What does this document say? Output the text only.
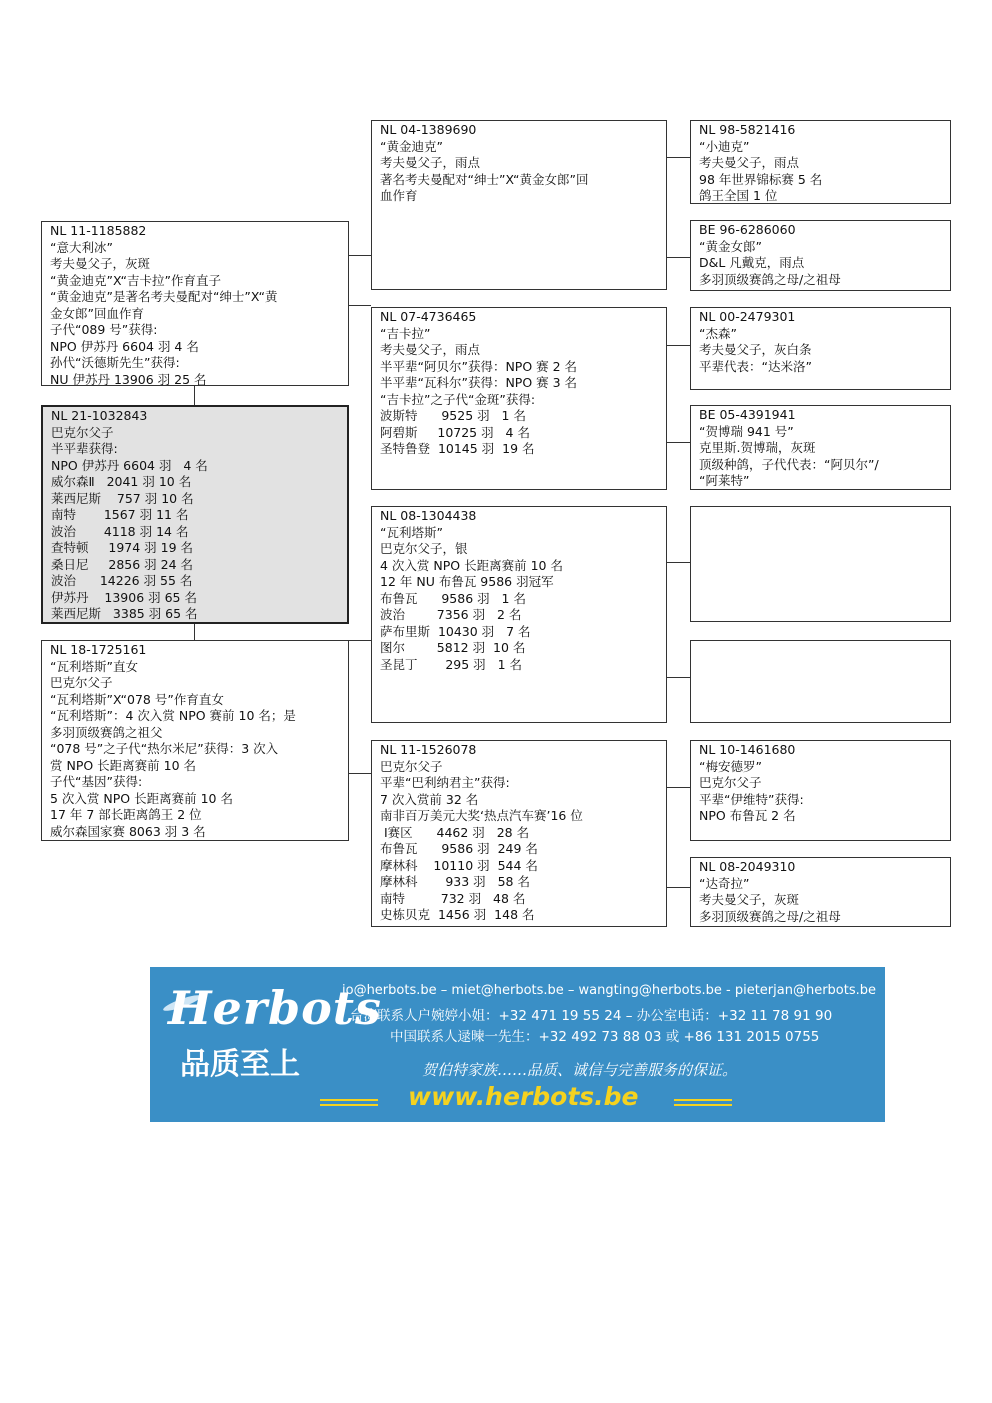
NL 11-1185882
“意大利冰”
考夫曼父子，灰斑
“黄金迪克”X“吉卡拉”作育直子
“黄金迪克”是著名考夫曼配对“绅士”X“黄
金女郎”回血作育
子代“089 号”获得:
NPO 伊苏丹 6604 羽 4 名
孙代“沃德斯先生”获得:
NU 伊苏丹 13906 羽 25 名
NL 21-1032843
巴克尔父子
半平辈获得:
NPO 伊苏丹 6604 羽   4 名
威尔森Ⅱ   2041 羽 10 名
莱西尼斯    757 羽 10 名
南特       1567 羽 11 名
波治       4118 羽 14 名
查特顿     1974 羽 19 名
桑日尼     2856 羽 24 名
波治      14226 羽 55 名
伊苏丹    13906 羽 65 名
莱西尼斯   3385 羽 65 名
NL 18-1725161
“瓦利塔斯”直女
巴克尔父子
“瓦利塔斯”X“078 号”作育直女
“瓦利塔斯”：4 次入赏 NPO 赛前 10 名；是
多羽顶级赛鸽之祖父
“078 号”之子代“热尔米尼”获得：3 次入
赏 NPO 长距离赛前 10 名
子代“基因”获得:
5 次入赏 NPO 长距离赛前 10 名
17 年 7 部长距离鸽王 2 位
威尔森国家赛 8063 羽 3 名
NL 04-1389690
“黄金迪克”
考夫曼父子，雨点
著名考夫曼配对“绅士”X“黄金女郎”回
血作育
NL 07-4736465
“吉卡拉”
考夫曼父子，雨点
半平辈“阿贝尔”获得：NPO 赛 2 名
半平辈“瓦科尔”获得：NPO 赛 3 名
“吉卡拉”之子代“金斑”获得:
波斯特      9525 羽   1 名
阿碧斯     10725 羽   4 名
圣特鲁登  10145 羽  19 名
NL 08-1304438
“瓦利塔斯”
巴克尔父子，银
4 次入赏 NPO 长距离赛前 10 名
12 年 NU 布鲁瓦 9586 羽冠军
布鲁瓦      9586 羽   1 名
波治        7356 羽   2 名
萨布里斯  10430 羽   7 名
图尔        5812 羽  10 名
圣昆丁       295 羽   1 名
NL 11-1526078
巴克尔父子
平辈“巴利纳君主”获得:
7 次入赏前 32 名
南非百万美元大奖‘热点汽车赛’16 位
Ⅰ赛区      4462 羽   28 名
布鲁瓦      9586 羽  249 名
摩林科    10110 羽  544 名
摩林科       933 羽   58 名
南特         732 羽   48 名
史栋贝克  1456 羽  148 名
NL 98-5821416
“小迪克”
考夫曼父子，雨点
98 年世界锦标赛 5 名
鸽王全国 1 位
BE 96-6286060
“黄金女郎”
D&L 凡戴克，雨点
多羽顶级赛鸽之母/之祖母
NL 00-2479301
“杰森”
考夫曼父子，灰白条
平辈代表：“达米洛”
BE 05-4391941
“贺博瑞 941 号”
克里斯.贺博瑞，灰斑
顶级种鸽，子代代表：“阿贝尔”/
“阿莱特”
NL 10-1461680
“梅安德罗”
巴克尔父子
平辈“伊维特”获得:
NPO 布鲁瓦 2 名
NL 08-2049310
“达奇拉”
考夫曼父子，灰斑
多羽顶级赛鸽之母/之祖母
Herbots
品质至上
jo@herbots.be – miet@herbots.be – wangting@herbots.be - pieterjan@herbots.be
台湾联系人户婉婷小姐：+32 471 19 55 24 – 办公室电话：+32 11 78 91 90
中国联系人逯暕一先生：+32 492 73 88 03 或 +86 131 2015 0755
贺伯特家族……品质、诚信与完善服务的保证。
www.herbots.be
